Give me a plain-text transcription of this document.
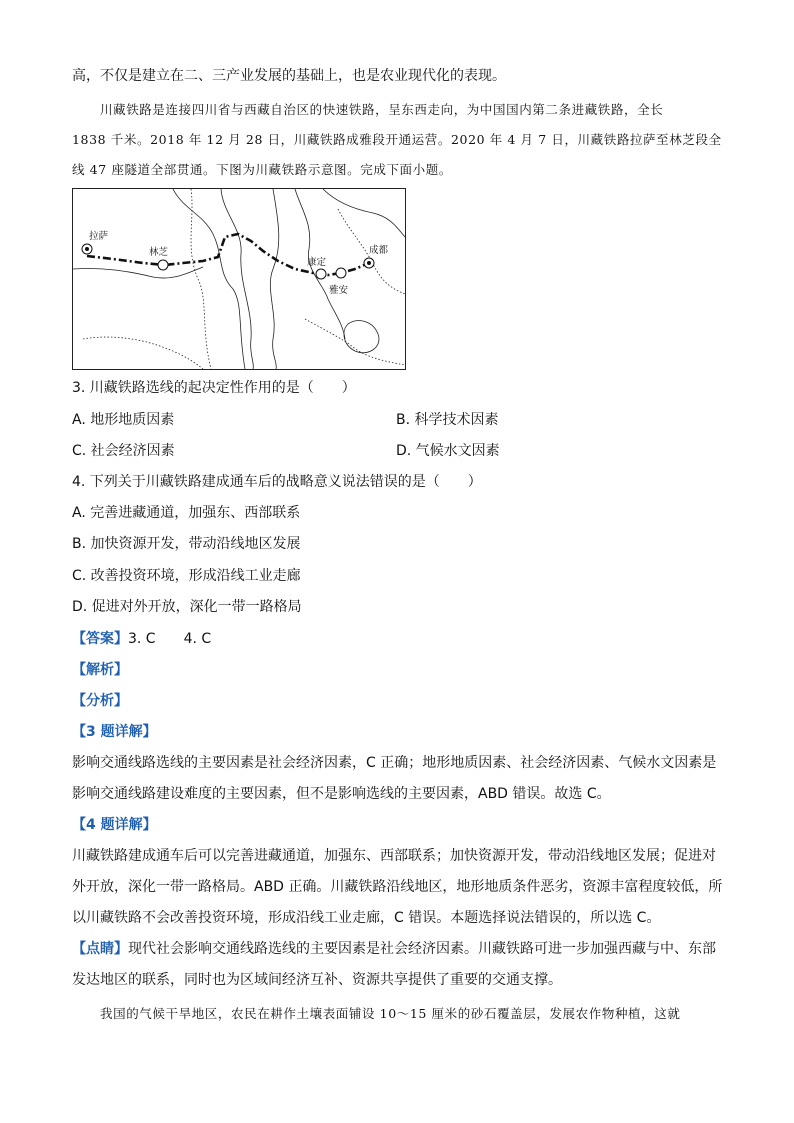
高，不仅是建立在二、三产业发展的基础上，也是农业现代化的表现。
川藏铁路是连接四川省与西藏自治区的快速铁路，呈东西走向，为中国国内第二条进藏铁路，全长
1838 千米。2018 年 12 月 28 日，川藏铁路成雅段开通运营。2020 年 4 月 7 日，川藏铁路拉萨至林芝段全
线 47 座隧道全部贯通。下图为川藏铁路示意图。完成下面小题。
拉萨
林芝
康定
成都
雅安
3. 川藏铁路选线的起决定性作用的是（　　）
A. 地形地质因素	B. 科学技术因素
C. 社会经济因素	D. 气候水文因素
4. 下列关于川藏铁路建成通车后的战略意义说法错误的是（　　）
A. 完善进藏通道，加强东、西部联系
B. 加快资源开发，带动沿线地区发展
C. 改善投资环境，形成沿线工业走廊
D. 促进对外开放，深化一带一路格局
【答案】3. C　　4. C
【解析】
【分析】
【3 题详解】
影响交通线路选线的主要因素是社会经济因素，C 正确；地形地质因素、社会经济因素、气候水文因素是
影响交通线路建设难度的主要因素，但不是影响选线的主要因素，ABD 错误。故选 C。
【4 题详解】
川藏铁路建成通车后可以完善进藏通道，加强东、西部联系；加快资源开发，带动沿线地区发展；促进对
外开放，深化一带一路格局。ABD 正确。川藏铁路沿线地区，地形地质条件恶劣，资源丰富程度较低，所
以川藏铁路不会改善投资环境，形成沿线工业走廊，C 错误。本题选择说法错误的，所以选 C。
【点睛】现代社会影响交通线路选线的主要因素是社会经济因素。川藏铁路可进一步加强西藏与中、东部
发达地区的联系，同时也为区域间经济互补、资源共享提供了重要的交通支撑。
我国的气候干旱地区，农民在耕作土壤表面铺设 10～15 厘米的砂石覆盖层，发展农作物种植，这就
